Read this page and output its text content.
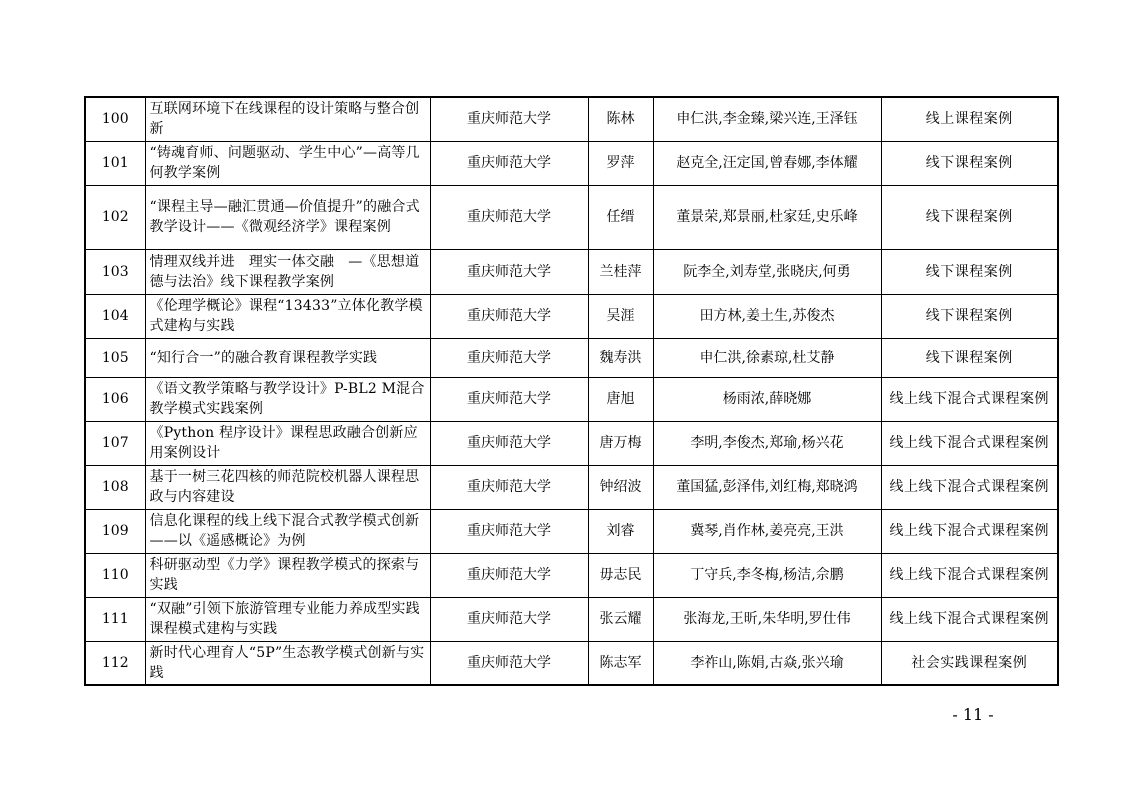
100	互联网环境下在线课程的设计策略与整合创新	重庆师范大学	陈林	申仁洪,李金臻,梁兴连,王泽钰	线上课程案例
101	“铸魂育师、问题驱动、学生中心”—高等几何教学案例	重庆师范大学	罗萍	赵克全,汪定国,曾春娜,李体耀	线下课程案例
102	“课程主导—融汇贯通—价值提升”的融合式教学设计——《微观经济学》课程案例	重庆师范大学	任缙	董景荣,郑景丽,杜家廷,史乐峰	线下课程案例
103	情理双线并进　理实一体交融　—《思想道德与法治》线下课程教学案例	重庆师范大学	兰桂萍	阮李全,刘寿堂,张晓庆,何勇	线下课程案例
104	《伦理学概论》课程“13433”立体化教学模式建构与实践	重庆师范大学	吴涯	田方林,姜土生,苏俊杰	线下课程案例
105	“知行合一”的融合教育课程教学实践	重庆师范大学	魏寿洪	申仁洪,徐素琼,杜艾静	线下课程案例
106	《语文教学策略与教学设计》P-BL2 M混合教学模式实践案例	重庆师范大学	唐旭	杨雨浓,薛晓娜	线上线下混合式课程案例
107	《Python 程序设计》课程思政融合创新应用案例设计	重庆师范大学	唐万梅	李明,李俊杰,郑瑜,杨兴花	线上线下混合式课程案例
108	基于一树三花四核的师范院校机器人课程思政与内容建设	重庆师范大学	钟绍波	董国猛,彭泽伟,刘红梅,郑晓鸿	线上线下混合式课程案例
109	信息化课程的线上线下混合式教学模式创新——以《遥感概论》为例	重庆师范大学	刘睿	冀琴,肖作林,姜亮亮,王洪	线上线下混合式课程案例
110	科研驱动型《力学》课程教学模式的探索与实践	重庆师范大学	毋志民	丁守兵,李冬梅,杨洁,佘鹏	线上线下混合式课程案例
111	“双融”引领下旅游管理专业能力养成型实践课程模式建构与实践	重庆师范大学	张云耀	张海龙,王昕,朱华明,罗仕伟	线上线下混合式课程案例
112	新时代心理育人“5P”生态教学模式创新与实践	重庆师范大学	陈志军	李祚山,陈娟,古焱,张兴瑜	社会实践课程案例
- 11 -
